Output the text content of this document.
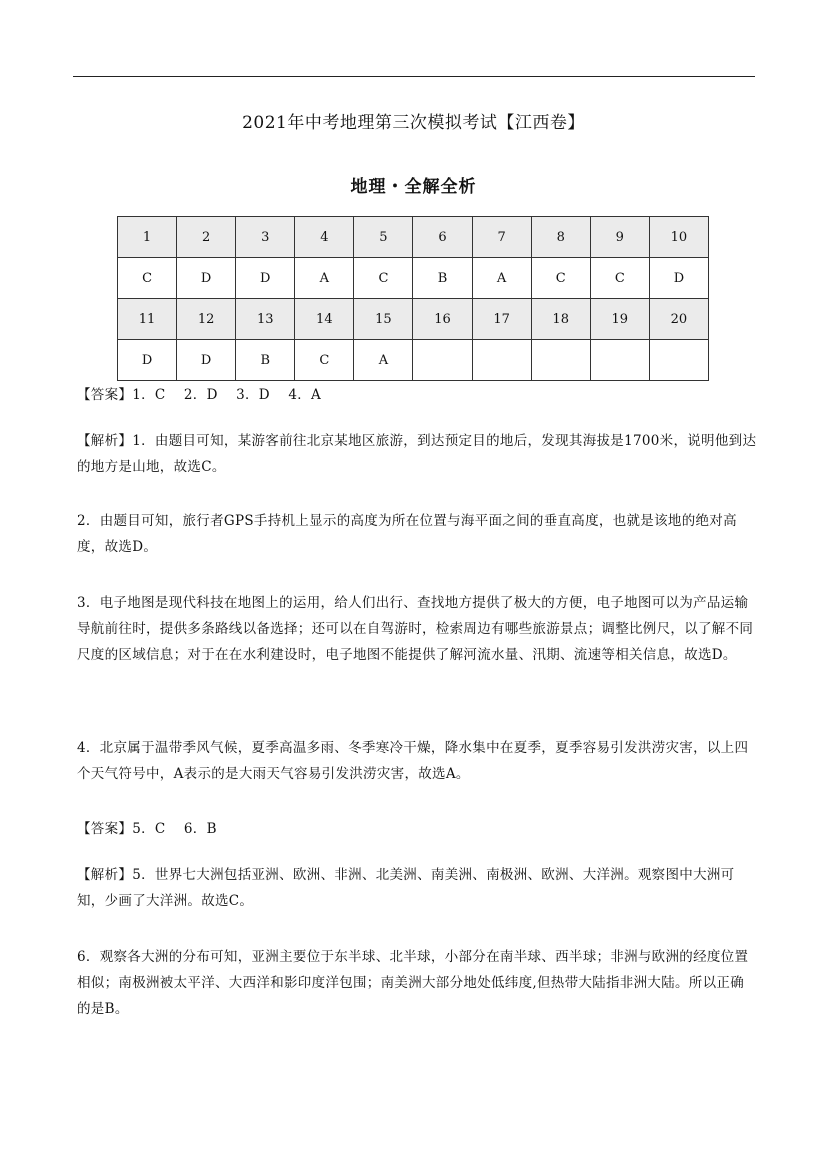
2021年中考地理第三次模拟考试【江西卷】
地理・全解全析
1	2	3	4	5	6	7	8	9	10
C	D	D	A	C	B	A	C	C	D
11	12	13	14	15	16	17	18	19	20
D	D	B	C	A					

【答案】1．C　 2．D　 3．D　 4．A

【解析】1．由题目可知，某游客前往北京某地区旅游，到达预定目的地后，发现其海拔是1700米，说明他到达的地方是山地，故选C。

2．由题目可知，旅行者GPS手持机上显示的高度为所在位置与海平面之间的垂直高度，也就是该地的绝对高度，故选D。

3．电子地图是现代科技在地图上的运用，给人们出行、查找地方提供了极大的方便，电子地图可以为产品运输导航前往时，提供多条路线以备选择；还可以在自驾游时，检索周边有哪些旅游景点；调整比例尺，以了解不同尺度的区域信息；对于在在水利建设时，电子地图不能提供了解河流水量、汛期、流速等相关信息，故选D。

4．北京属于温带季风气候，夏季高温多雨、冬季寒冷干燥，降水集中在夏季，夏季容易引发洪涝灾害，以上四个天气符号中，A表示的是大雨天气容易引发洪涝灾害，故选A。

【答案】5．C　 6．B

【解析】5．世界七大洲包括亚洲、欧洲、非洲、北美洲、南美洲、南极洲、欧洲、大洋洲。观察图中大洲可知，少画了大洋洲。故选C。

6．观察各大洲的分布可知，亚洲主要位于东半球、北半球，小部分在南半球、西半球；非洲与欧洲的经度位置相似；南极洲被太平洋、大西洋和影印度洋包围；南美洲大部分地处低纬度,但热带大陆指非洲大陆。所以正确的是B。
